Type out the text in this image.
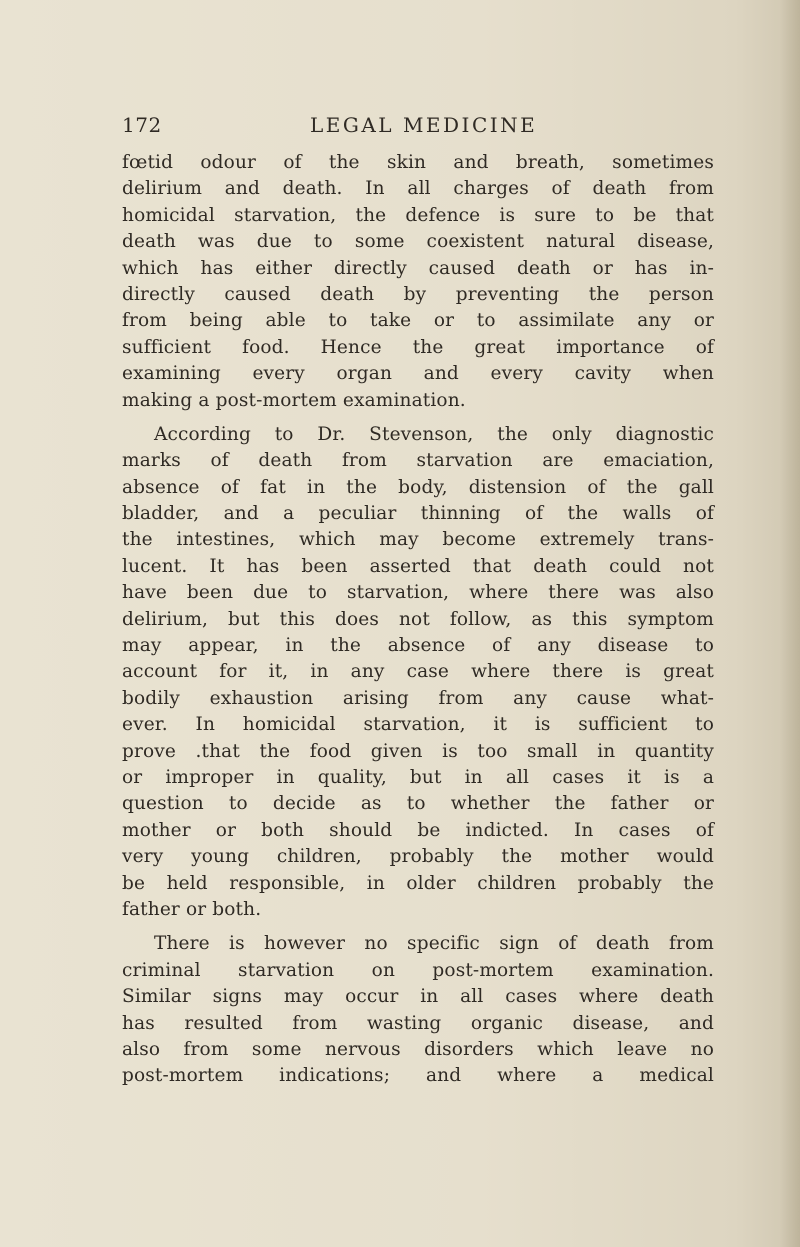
172	LEGAL MEDICINE

fœtid odour of the skin and breath, sometimes
delirium and death. In all charges of death from
homicidal starvation, the defence is sure to be that
death was due to some coexistent natural disease,
which has either directly caused death or has in-
directly caused death by preventing the person
from being able to take or to assimilate any or
sufficient food. Hence the great importance of
examining every organ and every cavity when
making a post-mortem examination.

According to Dr. Stevenson, the only diagnostic
marks of death from starvation are emaciation,
absence of fat in the body, distension of the gall
bladder, and a peculiar thinning of the walls of
the intestines, which may become extremely trans-
lucent. It has been asserted that death could not
have been due to starvation, where there was also
delirium, but this does not follow, as this symptom
may appear, in the absence of any disease to
account for it, in any case where there is great
bodily exhaustion arising from any cause what-
ever. In homicidal starvation, it is sufficient to
prove .that the food given is too small in quantity
or improper in quality, but in all cases it is a
question to decide as to whether the father or
mother or both should be indicted. In cases of
very young children, probably the mother would
be held responsible, in older children probably the
father or both.

There is however no specific sign of death from
criminal starvation on post-mortem examination.
Similar signs may occur in all cases where death
has resulted from wasting organic disease, and
also from some nervous disorders which leave no
post-mortem indications; and where a medical
